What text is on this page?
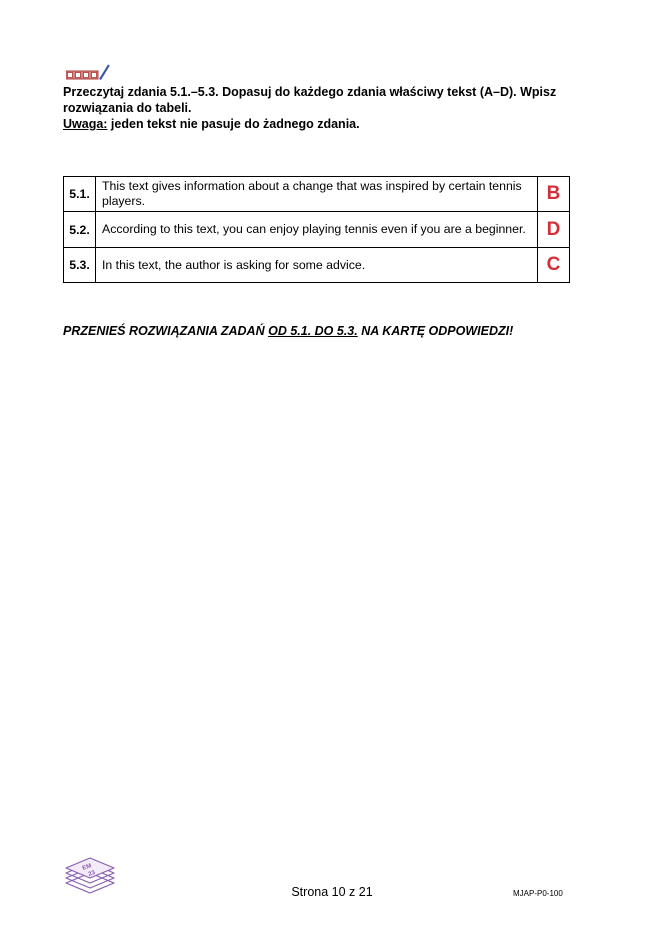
Przeczytaj zdania 5.1.–5.3. Dopasuj do każdego zdania właściwy tekst (A–D). Wpisz
rozwiązania do tabeli.
Uwaga: jeden tekst nie pasuje do żadnego zdania.
5.1.	This text gives information about a change that was inspired by certain tennis players.	B
5.2.	According to this text, you can enjoy playing tennis even if you are a beginner.	D
5.3.	In this text, the author is asking for some advice.	C
PRZENIEŚ ROZWIĄZANIA ZADAŃ OD 5.1. DO 5.3. NA KARTĘ ODPOWIEDZI!
EM
23
Strona 10 z 21	MJAP-P0-100
